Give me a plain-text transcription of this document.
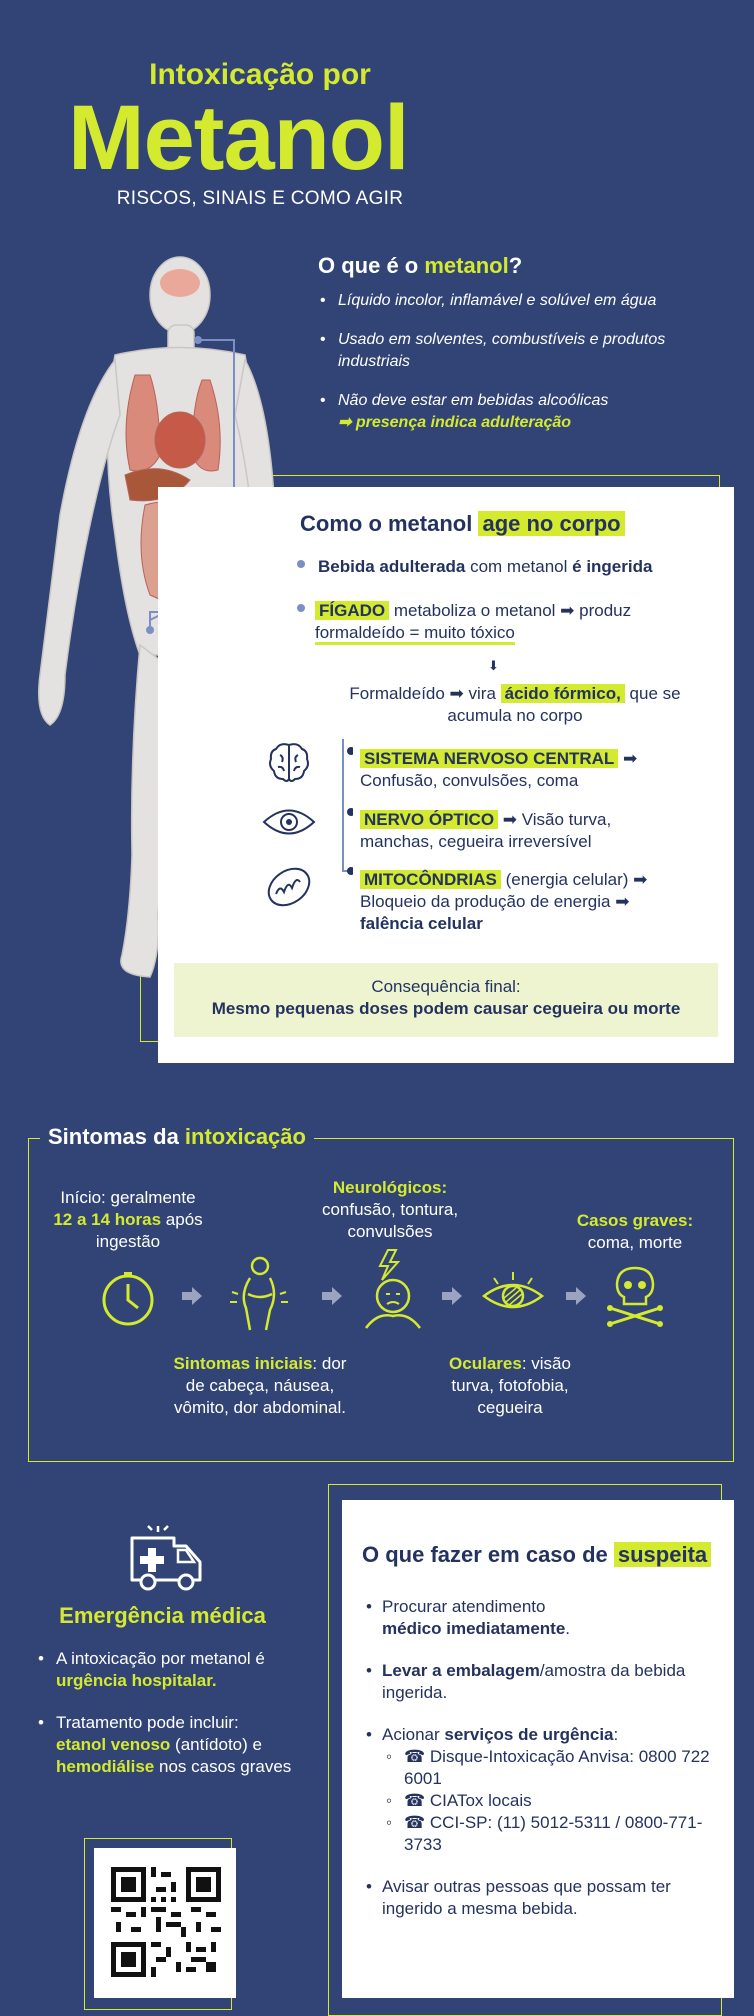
Intoxicação por
Metanol
RISCOS, SINAIS E COMO AGIR
O que é o metanol?
• Líquido incolor, inflamável e solúvel em água
• Usado em solventes, combustíveis e produtos industriais
• Não deve estar em bebidas alcoólicas
➡ presença indica adulteração
Como o metanol age no corpo
Bebida adulterada com metanol é ingerida
FÍGADO metaboliza o metanol ➡ produz
formaldeído = muito tóxico
⬇
Formaldeído ➡ vira ácido fórmico, que se
acumula no corpo
SISTEMA NERVOSO CENTRAL ➡
Confusão, convulsões, coma
NERVO ÓPTICO ➡ Visão turva,
manchas, cegueira irreversível
MITOCÔNDRIAS (energia celular) ➡
Bloqueio da produção de energia ➡
falência celular
Consequência final:
Mesmo pequenas doses podem causar cegueira ou morte
Sintomas da intoxicação
Início: geralmente
12 a 14 horas após
ingestão
Neurológicos:
confusão, tontura,
convulsões
Casos graves:
coma, morte
Sintomas iniciais: dor
de cabeça, náusea,
vômito, dor abdominal.
Oculares: visão
turva, fotofobia,
cegueira
Emergência médica
• A intoxicação por metanol é
urgência hospitalar.
• Tratamento pode incluir:
etanol venoso (antídoto) e
hemodiálise nos casos graves
O que fazer em caso de suspeita
• Procurar atendimento
médico imediatamente.
• Levar a embalagem/amostra da bebida ingerida.
• Acionar serviços de urgência:
◦ ☎ Disque-Intoxicação Anvisa: 0800 722 6001
◦ ☎ CIATox locais
◦ ☎ CCI-SP: (11) 5012-5311 / 0800-771-3733
• Avisar outras pessoas que possam ter ingerido a mesma bebida.
